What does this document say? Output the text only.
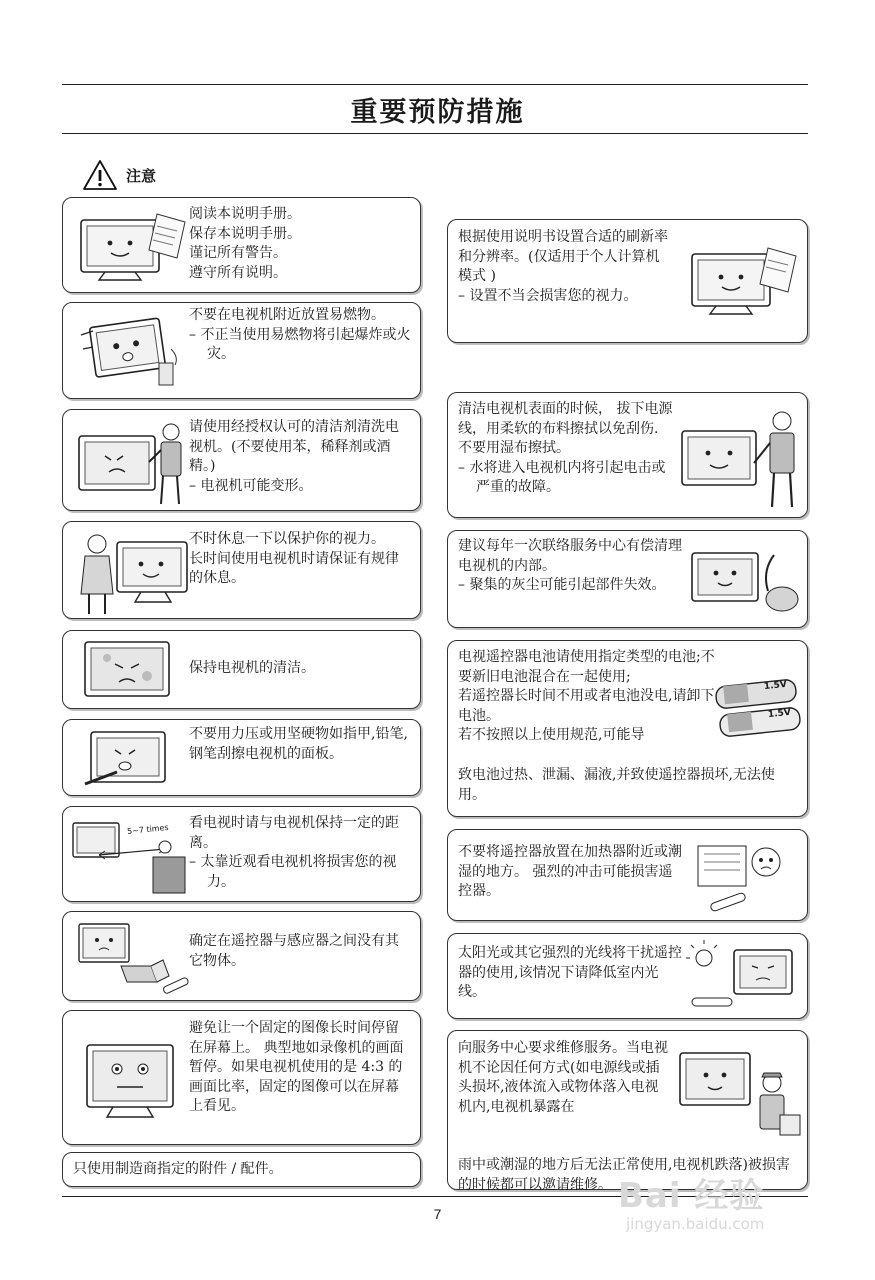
重要预防措施
注意

阅读本说明手册。

保存本说明手册。

谨记所有警告。

遵守所有说明。

不要在电视机附近放置易燃物。

– 不正当使用易燃物将引起爆炸或火灾。

请使用经授权认可的清洁剂清洗电视机。(不要使用苯，稀释剂或酒精。)

– 电视机可能变形。

不时休息一下以保护你的视力。

长时间使用电视机时请保证有规律的休息。

保持电视机的清洁。

不要用力压或用坚硬物如指甲,铅笔,钢笔刮擦电视机的面板。

5~7 times 看电视时请与电视机保持一定的距离。

– 太靠近观看电视机将损害您的视力。

确定在遥控器与感应器之间没有其它物体。

避免让一个固定的图像长时间停留在屏幕上。 典型地如录像机的画面暂停。如果电视机使用的是 4:3 的画面比率，固定的图像可以在屏幕上看见。

只使用制造商指定的附件 / 配件。

根据使用说明书设置合适的刷新率和分辨率。(仅适用于个人计算机模式 )

– 设置不当会损害您的视力。

清洁电视机表面的时候， 拔下电源线，用柔软的布料擦拭以免刮伤. 不要用湿布擦拭。

– 水将进入电视机内将引起电击或严重的故障。

建议每年一次联络服务中心有偿清理电视机的内部。

– 聚集的灰尘可能引起部件失效。

电视遥控器电池请使用指定类型的电池;不要新旧电池混合在一起使用;

若遥控器长时间不用或者电池没电,请卸下电池。

若不按照以上使用规范,可能导

致电池过热、泄漏、漏液,并致使遥控器损坏,无法使用。
1.5V
1.5V

不要将遥控器放置在加热器附近或潮湿的地方。 强烈的冲击可能损害遥控器。

太阳光或其它强烈的光线将干扰遥控器的使用,该情况下请降低室内光线。

向服务中心要求维修服务。当电视机不论因任何方式(如电源线或插头损坏,液体流入或物体落入电视机内,电视机暴露在

雨中或潮湿的地方后无法正常使用,电视机跌落)被损害的时候都可以邀请维修。
7	Bai 经验
jingyan.baidu.com
